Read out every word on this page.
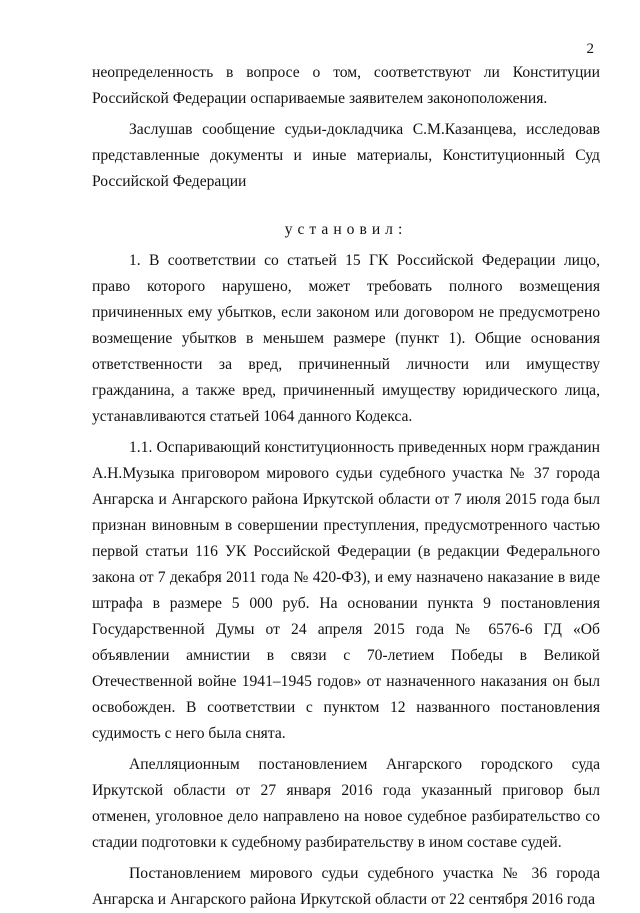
2

неопределенность в вопросе о том, соответствуют ли Конституции Российской Федерации оспариваемые заявителем законоположения.

Заслушав сообщение судьи-докладчика С.М.Казанцева, исследовав представленные документы и иные материалы, Конституционный Суд Российской Федерации

установил:

1. В соответствии со статьей 15 ГК Российской Федерации лицо, право которого нарушено, может требовать полного возмещения причиненных ему убытков, если законом или договором не предусмотрено возмещение убытков в меньшем размере (пункт 1). Общие основания ответственности за вред, причиненный личности или имуществу гражданина, а также вред, причиненный имуществу юридического лица, устанавливаются статьей 1064 данного Кодекса.

1.1. Оспаривающий конституционность приведенных норм гражданин А.Н.Музыка приговором мирового судьи судебного участка № 37 города Ангарска и Ангарского района Иркутской области от 7 июля 2015 года был признан виновным в совершении преступления, предусмотренного частью первой статьи 116 УК Российской Федерации (в редакции Федерального закона от 7 декабря 2011 года № 420-ФЗ), и ему назначено наказание в виде штрафа в размере 5 000 руб. На основании пункта 9 постановления Государственной Думы от 24 апреля 2015 года № 6576-6 ГД «Об объявлении амнистии в связи с 70-летием Победы в Великой Отечественной войне 1941–1945 годов» от назначенного наказания он был освобожден. В соответствии с пунктом 12 названного постановления судимость с него была снята.

Апелляционным постановлением Ангарского городского суда Иркутской области от 27 января 2016 года указанный приговор был отменен, уголовное дело направлено на новое судебное разбирательство со стадии подготовки к судебному разбирательству в ином составе судей.

Постановлением мирового судьи судебного участка № 36 города Ангарска и Ангарского района Иркутской области от 22 сентября 2016 года
